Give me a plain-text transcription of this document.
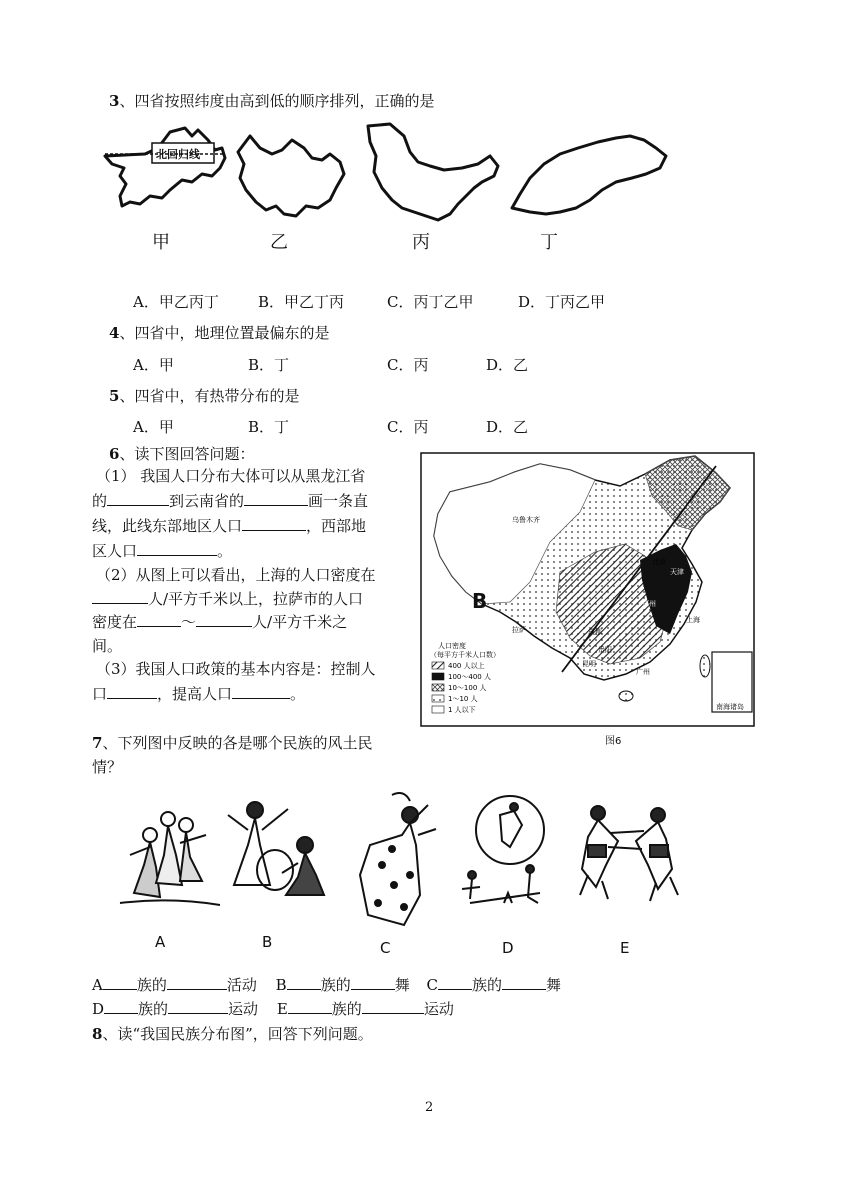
3、四省按照纬度由高到低的顺序排列，正确的是
北回归线
甲	乙	丙	丁
A．甲乙丙丁	B．甲乙丁丙	C．丙丁乙甲	D．丁丙乙甲
4、四省中，地理位置最偏东的是
A．甲	B．丁	C．丙	D．乙
5、四省中，有热带分布的是
A．甲	B．丁	C．丙	D．乙
6、读下图回答问题：
（1） 我国人口分布大体可以从黑龙江省
的	到云南省的	画一条直
线，此线东部地区人口	，西部地
区人口	。
（2）从图上可以看出，上海的人口密度在
人/平方千米以上，拉萨市的人口
密度在	～	人/平方千米之
间。
（3）我国人口政策的基本内容是：控制人
口	，提高人口	。
B
乌鲁木齐
拉萨	成都
郑州
北京
天津
上海
昆明
贵阳
广州
南海诸岛
人口密度
（每平方千米人口数）
400 人以上
100～400 人
10～100 人
1～10 人
1 人以下
图6
7、下列图中反映的各是哪个民族的风土民
情？
A	B	C	D	E
A 族的	活动 B 族的	舞 C 族的	舞
D 族的	运动 E	族的	运动
8、读“我国民族分布图”，回答下列问题。
2
